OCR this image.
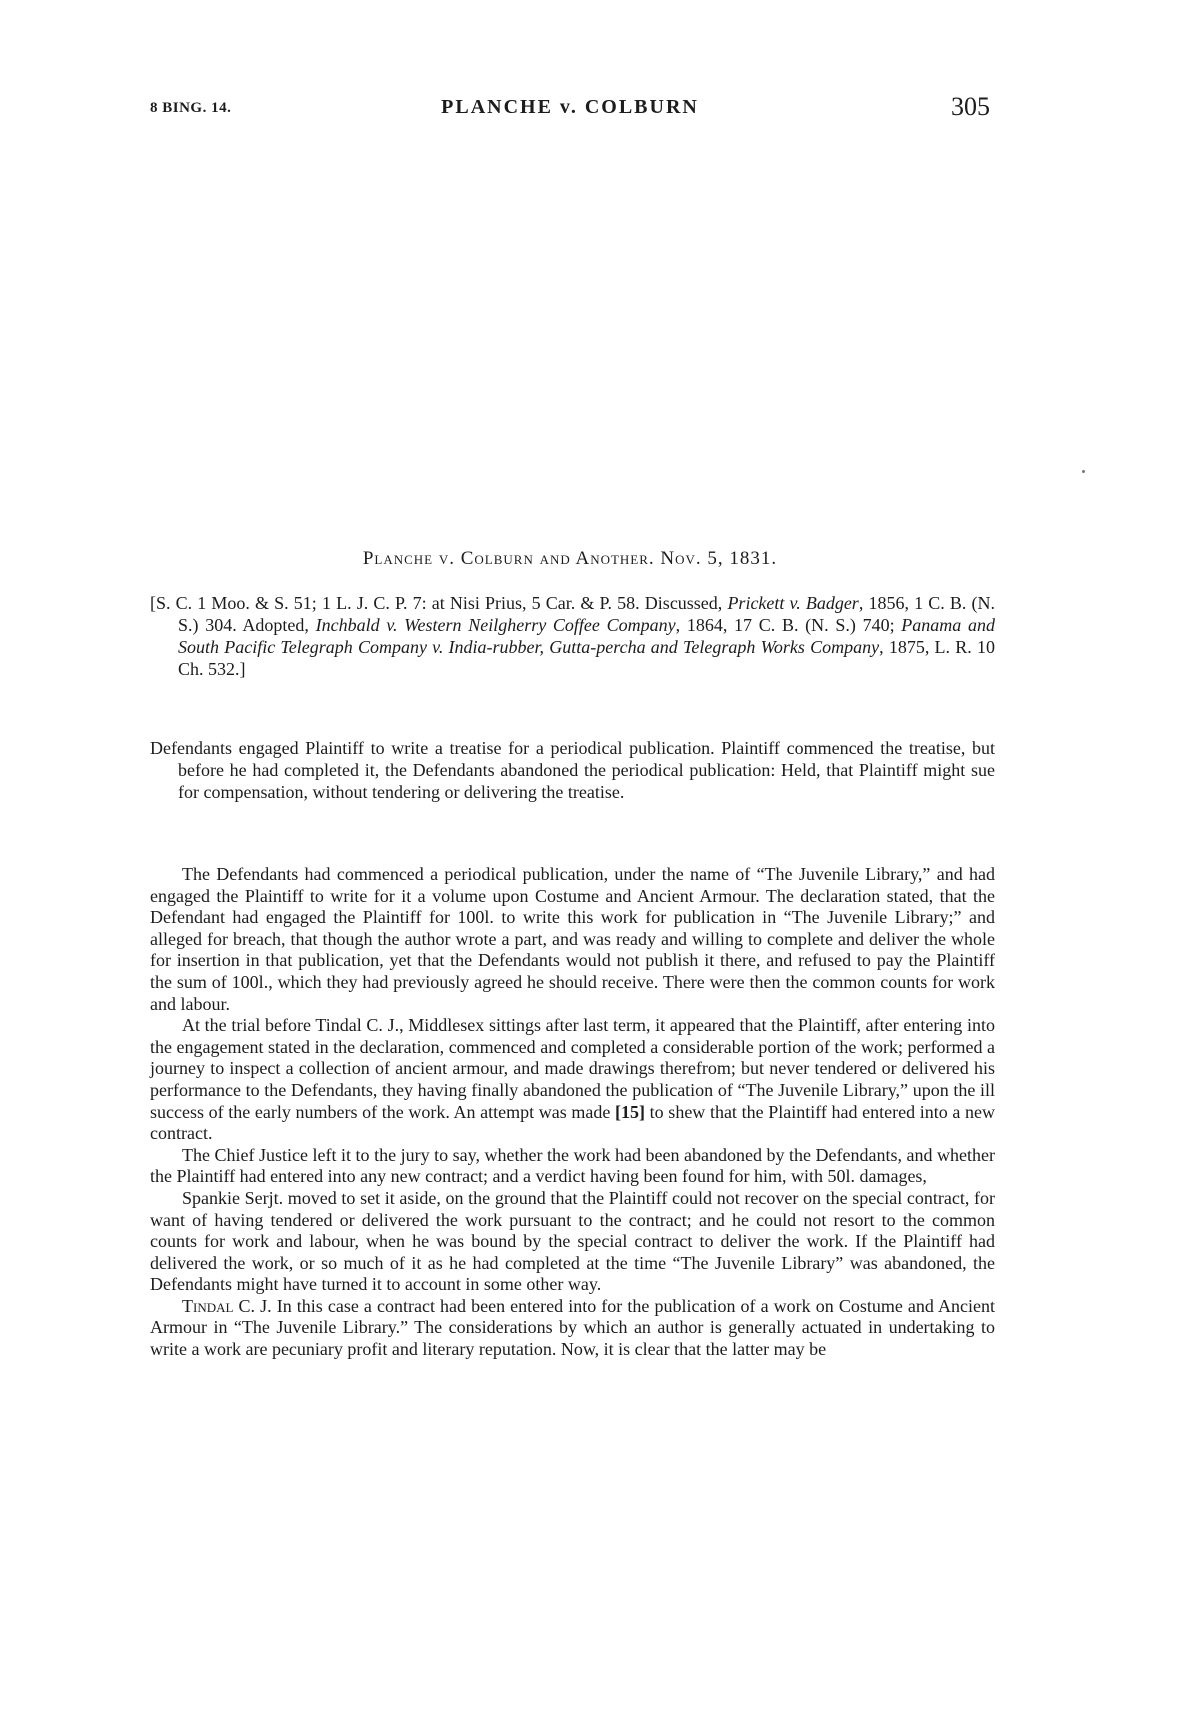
8 BING. 14.	PLANCHE v. COLBURN	305
Planche v. Colburn and Another. Nov. 5, 1831.
[S. C. 1 Moo. & S. 51; 1 L. J. C. P. 7: at Nisi Prius, 5 Car. & P. 58. Discussed, Prickett v. Badger, 1856, 1 C. B. (N. S.) 304. Adopted, Inchbald v. Western Neilgherry Coffee Company, 1864, 17 C. B. (N. S.) 740; Panama and South Pacific Telegraph Company v. India-rubber, Gutta-percha and Telegraph Works Company, 1875, L. R. 10 Ch. 532.]
Defendants engaged Plaintiff to write a treatise for a periodical publication. Plaintiff commenced the treatise, but before he had completed it, the Defendants abandoned the periodical publication: Held, that Plaintiff might sue for compensation, without tendering or delivering the treatise.

The Defendants had commenced a periodical publication, under the name of “The Juvenile Library,” and had engaged the Plaintiff to write for it a volume upon Costume and Ancient Armour. The declaration stated, that the Defendant had engaged the Plaintiff for 100l. to write this work for publication in “The Juvenile Library;” and alleged for breach, that though the author wrote a part, and was ready and willing to complete and deliver the whole for insertion in that publication, yet that the Defendants would not publish it there, and refused to pay the Plaintiff the sum of 100l., which they had previously agreed he should receive. There were then the common counts for work and labour.

At the trial before Tindal C. J., Middlesex sittings after last term, it appeared that the Plaintiff, after entering into the engagement stated in the declaration, commenced and completed a considerable portion of the work; performed a journey to inspect a collection of ancient armour, and made drawings therefrom; but never tendered or delivered his performance to the Defendants, they having finally abandoned the publication of “The Juvenile Library,” upon the ill success of the early numbers of the work. An attempt was made [15] to shew that the Plaintiff had entered into a new contract.

The Chief Justice left it to the jury to say, whether the work had been abandoned by the Defendants, and whether the Plaintiff had entered into any new contract; and a verdict having been found for him, with 50l. damages,

Spankie Serjt. moved to set it aside, on the ground that the Plaintiff could not recover on the special contract, for want of having tendered or delivered the work pursuant to the contract; and he could not resort to the common counts for work and labour, when he was bound by the special contract to deliver the work. If the Plaintiff had delivered the work, or so much of it as he had completed at the time “The Juvenile Library” was abandoned, the Defendants might have turned it to account in some other way.

Tindal C. J. In this case a contract had been entered into for the publication of a work on Costume and Ancient Armour in “The Juvenile Library.” The considerations by which an author is generally actuated in undertaking to write a work are pecuniary profit and literary reputation. Now, it is clear that the latter may be
